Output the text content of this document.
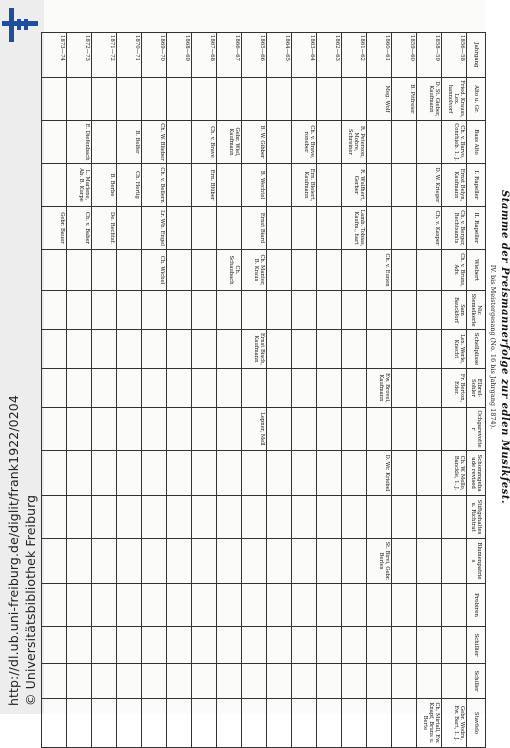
http://dl.ub.uni-freiburg.de/diglit/frank1922/0204 © Universitätsbibliothek Freiburg
Stamme der Preismannerfolge zur edlen Musikfest.
IV. bis Meistergesang (No. 16 bis Jahrgang 1874).
Jahrgang	Alto u. Gr.	Bass Alto	I. Rapeller	II. Rapeller	Wiebert	Nic Stemelkerle	Schellplisse	Elbrel-Sohler	Ochgarevotter	Schommgebaude revised	Stiftgehaltes u. Richtrat	Blumenpatries	Probiren	Schillier	Schiller	Stavfelo
1856—58	Fried. Krauss, Lex. hannolvorf	Ch. v. Barvo, Conrhieb. 1. J.	Ernst Belyn, Kaufmann	Ch. v. Berger, Rechtsamts	Ch. v. Bruns, Adv.	Sam Bauckforf	Lex. Werle, Knecht	Fr. Berton, Eder.		Ch. W. Mello, Banckle, 1. J.						Gebr. Wodrs, Ew. Bart, 1. J.
1858—59	D. St. Gieber, Kaufmann		D. W. Krieger	Ch. v. Kasper												Ch. Mirtall, Ew. Knapf, Bruns u. Berte
1859—60	B. Pitfreier															
1860—61	Meg. Wolf				Ch. v. Eunen			Ew. Brovel, Kaufmann		D. Wr. Kriebel		St. Birvi, Gebr. Berles				
1861—62		R. Peterson, Mohre, Schreiner	R. Wulfhert, Gerber	Lamb. Tobias, Kaufm., hart												
1862—63																
1863—64		Ch. v. Brave, roneber	Ern. Bleiert, Kaufmann													
1864—65																
1865—66		B. W. Gibber	B. Wechtel	Ernst Biard	Ch. Manter, B. Kraus		Ernst Bisch, Kaufmann		Lepner, Mell							
1866—67		Gebr. Wiel, Kaufmann			Ch. Schaubach											
1867—68		Ch. v. Brave	Ern. Blüber													
1868—69																
1869—70		Ch. W. Blieber	Ch. v. Bellern	Lr. Wh. Engel	Ch. Wichel											
1870—71		B. Belfer	Ch. Hertig													
1871—72			B. Berbe	De. Rechtsf.												
1872—73		E. Diefenbach	L. Marlene, Ab. B. Kurpe	Ch. v. Baber												
1873—74				Gebr. Bauer												
